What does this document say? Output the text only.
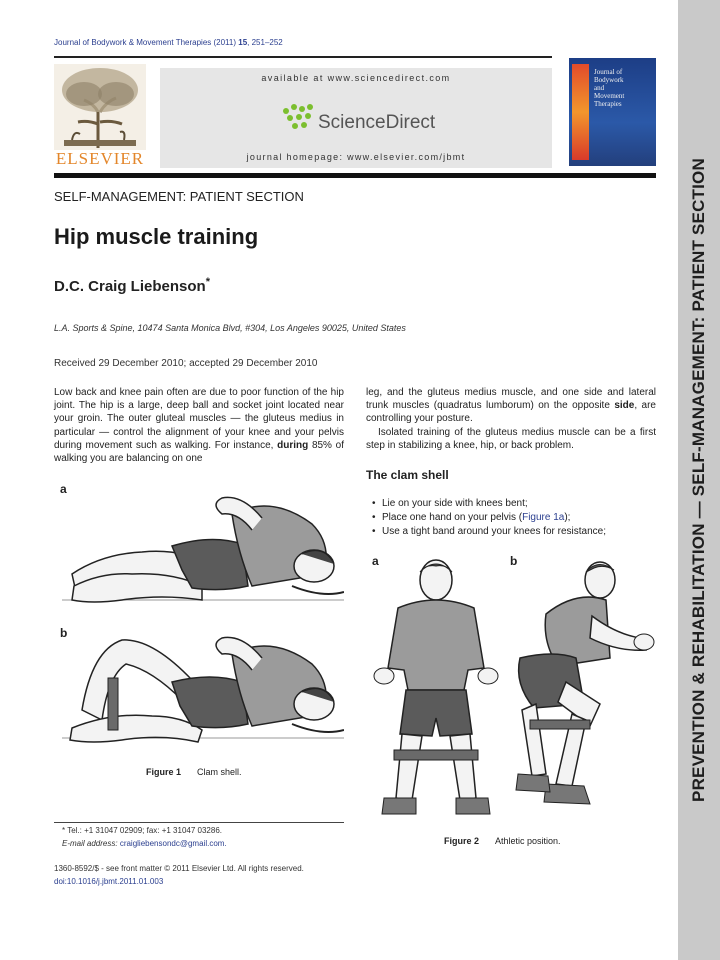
PREVENTION & REHABILITATION — SELF-MANAGEMENT: PATIENT SECTION
Journal of Bodywork & Movement Therapies (2011) 15, 251–252
ELSEVIER
available at www.sciencedirect.com
ScienceDirect
journal homepage: www.elsevier.com/jbmt
Journal of
Bodywork
and
Movement
Therapies
SELF-MANAGEMENT: PATIENT SECTION
Hip muscle training
D.C. Craig Liebenson*
L.A. Sports & Spine, 10474 Santa Monica Blvd, #304, Los Angeles 90025, United States
Received 29 December 2010; accepted 29 December 2010

Low back and knee pain often are due to poor function of the hip joint. The hip is a large, deep ball and socket joint located near your groin. The outer gluteal muscles — the gluteus medius in particular — control the alignment of your knee and your pelvis during movement such as walking. For instance, during 85% of walking you are balancing on one

leg, and the gluteus medius muscle, and one side and lateral trunk muscles (quadratus lumborum) on the opposite side, are controlling your posture.

Isolated training of the gluteus medius muscle can be a first step in stabilizing a knee, hip, or back problem.

The clam shell
• Lie on your side with knees bent;
• Place one hand on your pelvis ( Figure 1a );
• Use a tight band around your knees for resistance;
a
b
Figure 1 Clam shell.
a	b
Figure 2 Athletic position.
* Tel.: +1 31047 02909; fax: +1 31047 03286.
E-mail address: craigliebensondc@gmail.com.
1360-8592/$ - see front matter © 2011 Elsevier Ltd. All rights reserved.
doi:10.1016/j.jbmt.2011.01.003
